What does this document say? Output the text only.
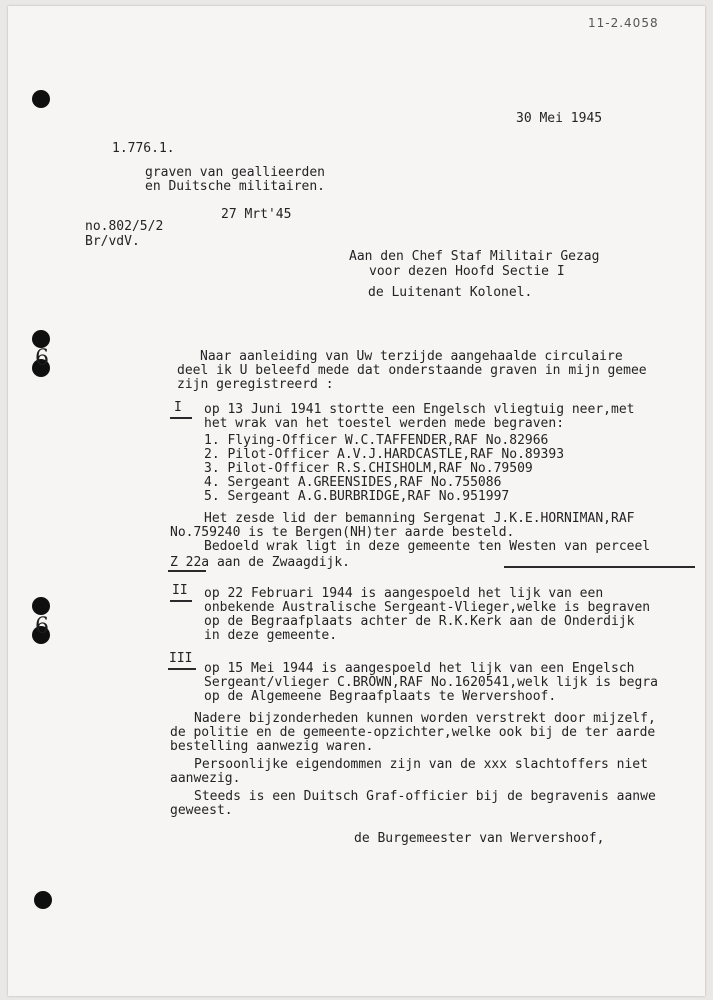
6
6
11-2.4058
30 Mei 1945
1.776.1.
graven van geallieerden
en Duitsche militairen.
27 Mrt'45
no.802/5/2
Br/vdV.
Aan den Chef Staf Militair Gezag
voor dezen Hoofd Sectie I
de Luitenant Kolonel.
Naar aanleiding van Uw terzijde aangehaalde circulaire
deel ik U beleefd mede dat onderstaande graven in mijn gemee
zijn geregistreerd :
I op 13 Juni 1941 stortte een Engelsch vliegtuig neer,met
het wrak van het toestel werden mede begraven:
1. Flying-Officer W.C.TAFFENDER,RAF No.82966
2. Pilot-Officer A.V.J.HARDCASTLE,RAF No.89393
3. Pilot-Officer R.S.CHISHOLM,RAF No.79509
4. Sergeant A.GREENSIDES,RAF No.755086
5. Sergeant A.G.BURBRIDGE,RAF No.951997
Het zesde lid der bemanning Sergenat J.K.E.HORNIMAN,RAF
No.759240 is te Bergen(NH)ter aarde besteld.
Bedoeld wrak ligt in deze gemeente ten Westen van perceel
Z 22a aan de Zwaagdijk.
II op 22 Februari 1944 is aangespoeld het lijk van een
onbekende Australische Sergeant-Vlieger,welke is begraven
op de Begraafplaats achter de R.K.Kerk aan de Onderdijk
in deze gemeente.
III
op 15 Mei 1944 is aangespoeld het lijk van een Engelsch
Sergeant/vlieger C.BROWN,RAF No.1620541,welk lijk is begra
op de Algemeene Begraafplaats te Wervershoof.
Nadere bijzonderheden kunnen worden verstrekt door mijzelf,
de politie en de gemeente-opzichter,welke ook bij de ter aarde
bestelling aanwezig waren.
Persoonlijke eigendommen zijn van de xxx slachtoffers niet
aanwezig.
Steeds is een Duitsch Graf-officier bij de begravenis aanwe
geweest.
de Burgemeester van Wervershoof,
